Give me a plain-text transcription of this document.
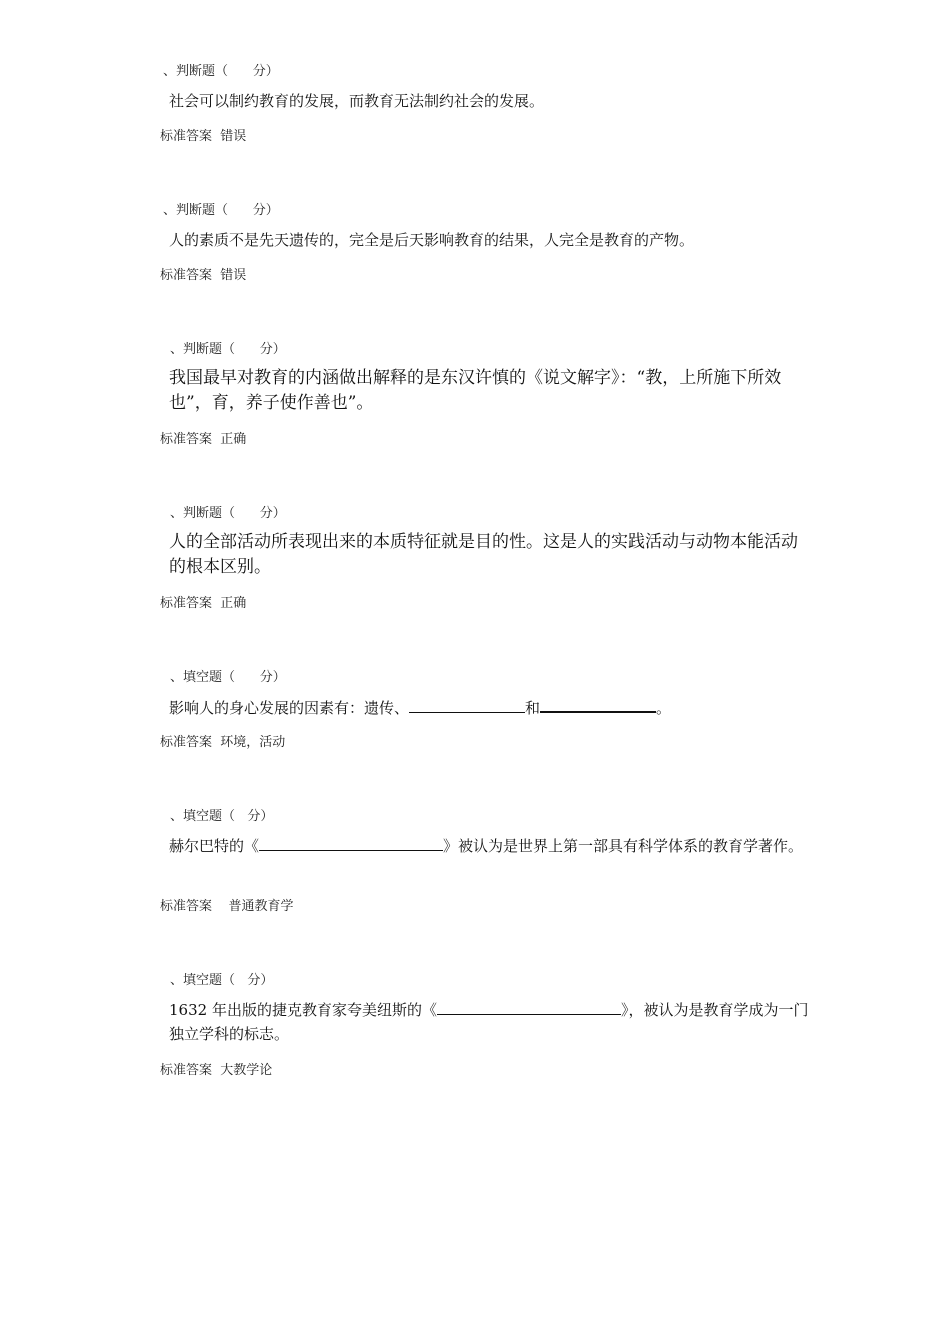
、判断题（      分）
社会可以制约教育的发展，而教育无法制约社会的发展。
标准答案  错误
、判断题（      分）
人的素质不是先天遗传的，完全是后天影响教育的结果，人完全是教育的产物。
标准答案  错误
、判断题（      分）
我国最早对教育的内涵做出解释的是东汉许慎的《说文解字》：“教，上所施下所效也”，育，养子使作善也”。
标准答案  正确
、判断题（      分）
人的全部活动所表现出来的本质特征就是目的性。这是人的实践活动与动物本能活动的根本区别。
标准答案  正确
、填空题（      分）
影响人的身心发展的因素有：遗传、	和	。
标准答案  环境，活动
、填空题（   分）
赫尔巴特的《	》被认为是世界上第一部具有科学体系的教育学著作。
标准答案    普通教育学
、填空题（   分）
1632 年出版的捷克教育家夸美纽斯的《	》，被认为是教育学成为一门独立学科的标志。
标准答案  大教学论
